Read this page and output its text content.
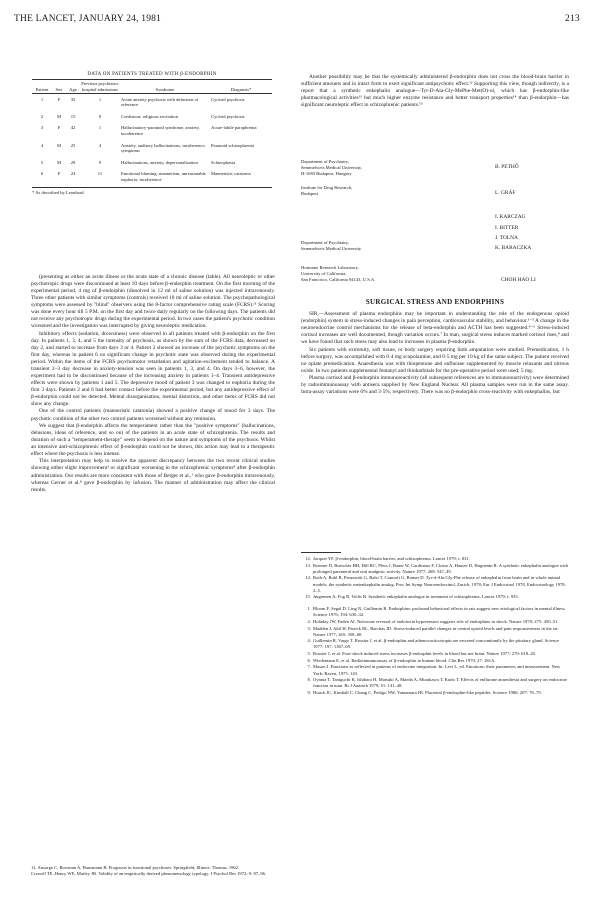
THE LANCET, JANUARY 24, 1981	213
DATA ON PATIENTS TREATED WITH β-ENDORPHIN
Patient	Sex	Age	Previous psychiatric hospital admissions	Syndrome	Diagnosis*
1	F	35	1	Acute anxiety psychosis with delusions of reference	Cycloid psychosis
2	M	15	0	Confusion: religious excitation	Cycloid psychosis
3	F	42	1	Hallucinatory-paranoid syndrome, anxiety, incoherence	Acute-labile paraphrenia
4	M	25	4	Anxiety, auditory hallucinations, incoherence, symptoms	Paranoid schizophrenia
5	M	29	9	Hallucinations, anxiety, depersonalisation	Schizophasia
6	F	24	11	Emotional blunting, mannerism, unreasonable euphoria, incoherence	Manneristic catatonia
* As described by Leonhard.

(presenting as either an acute illness or the acute state of a chronic disease (table). All neuroleptic or other psychotropic drugs were discontinued at least 10 days before β-endorphin treatment. On the first morning of the experimental period, 4 mg of β-endorphin (dissolved in 12 ml of saline solution) was injected intravenously. Three other patients with similar symptoms (controls) received 10 ml of saline solution. The psychopathological symptoms were assessed by "blind" observers using the 8-factor comprehensive rating scale (FCRS).¹¹ Scoring was done every hour till 5 P.M. on the first day and twice daily regularly on the following days. The patients did not receive any psychotropic drugs during the experimental period. In two cases the patient's psychotic condition worsened and the investigation was interrupted by giving neuroleptic medication.

Inhibitory effects (sedation, drowsiness) were observed in all patients treated with β-endorphin on the first day. In patients 1, 3, 4, and 5 the intensity of psychosis, as shown by the sum of the FCRS data, decreased on day 2, and started to increase from days 3 or 4. Patient 2 showed an increase of the psychotic symptoms on the first day, whereas in patient 6 no significant change in psychotic state was observed during the experimental period. Within the items of the FCRS psychomotor retardation and agitation-excitement tended to balance. A transient 2–3 day decrease in anxiety-tension was seen in patients 1, 3, and 4. On days 3–6, however, the experiment had to be discontinued because of the increasing anxiety in patients 1–4. Transient antidepressive effects were shown by patients 1 and 5. The depressive mood of patient 3 was changed to euphoria during the first 3 days. Patients 2 and 6 had better contact before the experimental period, but any antidepressive effect of β-endorphin could not be detected. Mental disorganisation, mental distortion, and other items of FCRS did not show any change.

One of the control patients (manneristic catatonia) showed a positive change of mood for 3 days. The psychotic condition of the other two control patients worsened without any remission.

We suggest that β-endorphin affects the temperament rather than the "positive symptoms" (hallucinations, delusions, ideas of reference, and so on) of the patients in an acute state of schizophrenia. The results and duration of such a "temperament-therapy" seem to depend on the nature and symptoms of the psychosis. Whilst an intensive anti-schizophrenic effect of β-endorphin could not be shown, this action may lead to a therapeutic effect where the psychosis is less intense.

This interpretation may help to resolve the apparent discrepancy between the two recent clinical studies showing either slight improvement¹ or significant worsening in the schizophrenic symptoms⁸ after β-endorphin administration. Our results are more consistent with those of Berger et al.,¹ who gave β-endorphin intravenously, whereas Gerner et al.⁸ gave β-endorphin by infusion. The manner of administration may affect the clinical results.

11. Ansorge C, Bowman A, Hausmann B. Prognosis in functional psychoses. Springfield, Illinois: Thomas, 1962.
Crowell TE, Henry WE, Marley JB. Validity of an empirically derived phenomenology typology. J Psychol Res 1972; 9: 87–96.

Another possibility may be that the systemically administered β-endorphin does not cross the blood-brain barrier in sufficient amounts and in intact form to exert significant antipsychotic effect.¹² Supporting this view, though indirectly, is a report that a synthetic enkephalin analogue—Tyr-D-Ala-Gly-MePhe-Met(O)-ol, which has β-endorphin-like pharmacological activities¹³ but much higher enzyme resistance and better transport properties¹⁴ than β-endorphin—has significant neuroleptic effect in schizophrenic patients.¹⁵

Department of Psychiatry,
Semmelweis Medical University,
H-1083 Budapest, Hungary
B. PETHŐ
Institute for Drug Research,
Budapest	L. GRÁF
I. KARCZAG
I. BITTER
J. TOLNA
K. BARACZKA
Department of Psychiatry,
Semmelweis Medical University
Hormone Research Laboratory,
University of California,
San Francisco, California 94143, U.S.A.	CHOH HAO LI
SURGICAL STRESS AND ENDORPHINS

SIR,—Assessment of plasma endorphins may be important in understanding the role of the endogenous opioid (endorphin) system in stress-induced changes in pain perception, cardiovascular stability, and behaviour.¹⁻³ A change in the neuroendocrine control mechanisms for the release of beta-endorphin and ACTH has been suggested.⁴⁻⁶ Stress-induced cortisol increases are well documented, though variation occurs.⁷ In man, surgical stress induces marked cortisol rises,⁸ and we have found that such stress may also lead to increases in plasma β-endorphin.

Six patients with extremity, soft tissue, or body surgery requiring limb amputation were studied. Premedication, 1 h before surgery, was accomplished with 0·4 mg scopolamine, and 0·5 mg per 10 kg of the same subject. The patient received no opiate premedication. Anaesthesia was with thiopentone and enflurane supplemented by muscle relaxants and nitrous oxide. In two patients supplemental fentanyl and thiobarbitals for the pre-operative period were used; 5 mg.

Plasma cortisol and β-endorphin immunoreactivity (all subsequent references are to immunoreactivity) were determined by radioimmunoassay with antisera supplied by New England Nuclear. All plasma samples were run in the same assay. Intra-assay variations were 6% and 3·5%, respectively. There was no β-endorphin cross-reactivity with enkephalins, but

12. Jacquet YF. β-endorphin, blood-brain barrier, and schizophrenia. Lancet 1979; i: 831.
13. Roemer D, Buescher HH, Hill RC, Pless J, Bauer W, Cardinaux F, Closse A, Hauser D, Huguenin R. A synthetic enkephalin analogue with prolonged parenteral and oral analgesic activity. Nature 1977; 268: 547–49.
14. Roth A, Ruhl B, Peruzzotti G, Balsi T, Crantoft G, Romer D. Tyr-d-Ala-Gly-Phe release of enkephalin from brain and in whole animal models; the synthetic metenkephalin analog. Proc Int Symp Neuroendocrinol, Zurich, 1978; Eur J Endocrinol 1978, Endocrinology 1978: 2–5.
15. Jørgensen A, Fog R, Veilis B. Synthetic enkephalin analogue in treatment of schizophrenia. Lancet 1979; i: 935.
1. Bloom F, Segal D, Ling N, Guillemin R. Endorphins: profound behavioral effects in rats suggest new etiological factors in mental illness. Science 1976; 194: 630–32.
2. Holaday JW, Faden AI. Naloxone reversal of endotoxin hypotension suggests role of endorphins in shock. Nature 1978; 275: 450–51.
3. Madden J, Akil H, Patrick RL, Barchas JD. Stress-induced parallel changes in central opioid levels and pain responsiveness in the rat. Nature 1977; 265: 358–60.
4. Guillemin R, Vargo T, Rossier J, et al. β-endorphin and adrenocorticotropin are secreted concomitantly by the pituitary gland. Science 1977; 197: 1367–69.
5. Rossier J, et al. Foot-shock induced stress increases β-endorphin levels in blood but not brain. Nature 1977; 270: 618–20.
6. Wiedemann E, et al. Radioimmunoassay of β-endorphin in human blood. Clin Res 1979; 27: 261A.
7. Mason J. Emotions as reflected in patterns of endocrine integration. In: Levi L, ed. Emotions: their parameters and measurement. New York: Raven, 1975: 143.
8. Oyama T, Taniguchi K, Ishihara H, Matsuki A, Maeda A, Murakawa T, Kudo T. Effects of enflurane anaesthesia and surgery on endocrine function in man. Br J Anaesth 1979; 51: 141–48.
9. Houck JC, Kimball C, Chang C, Pedigo NW, Yamamura HI. Placental β-endorphin-like peptides. Science 1980; 207: 78–79.
